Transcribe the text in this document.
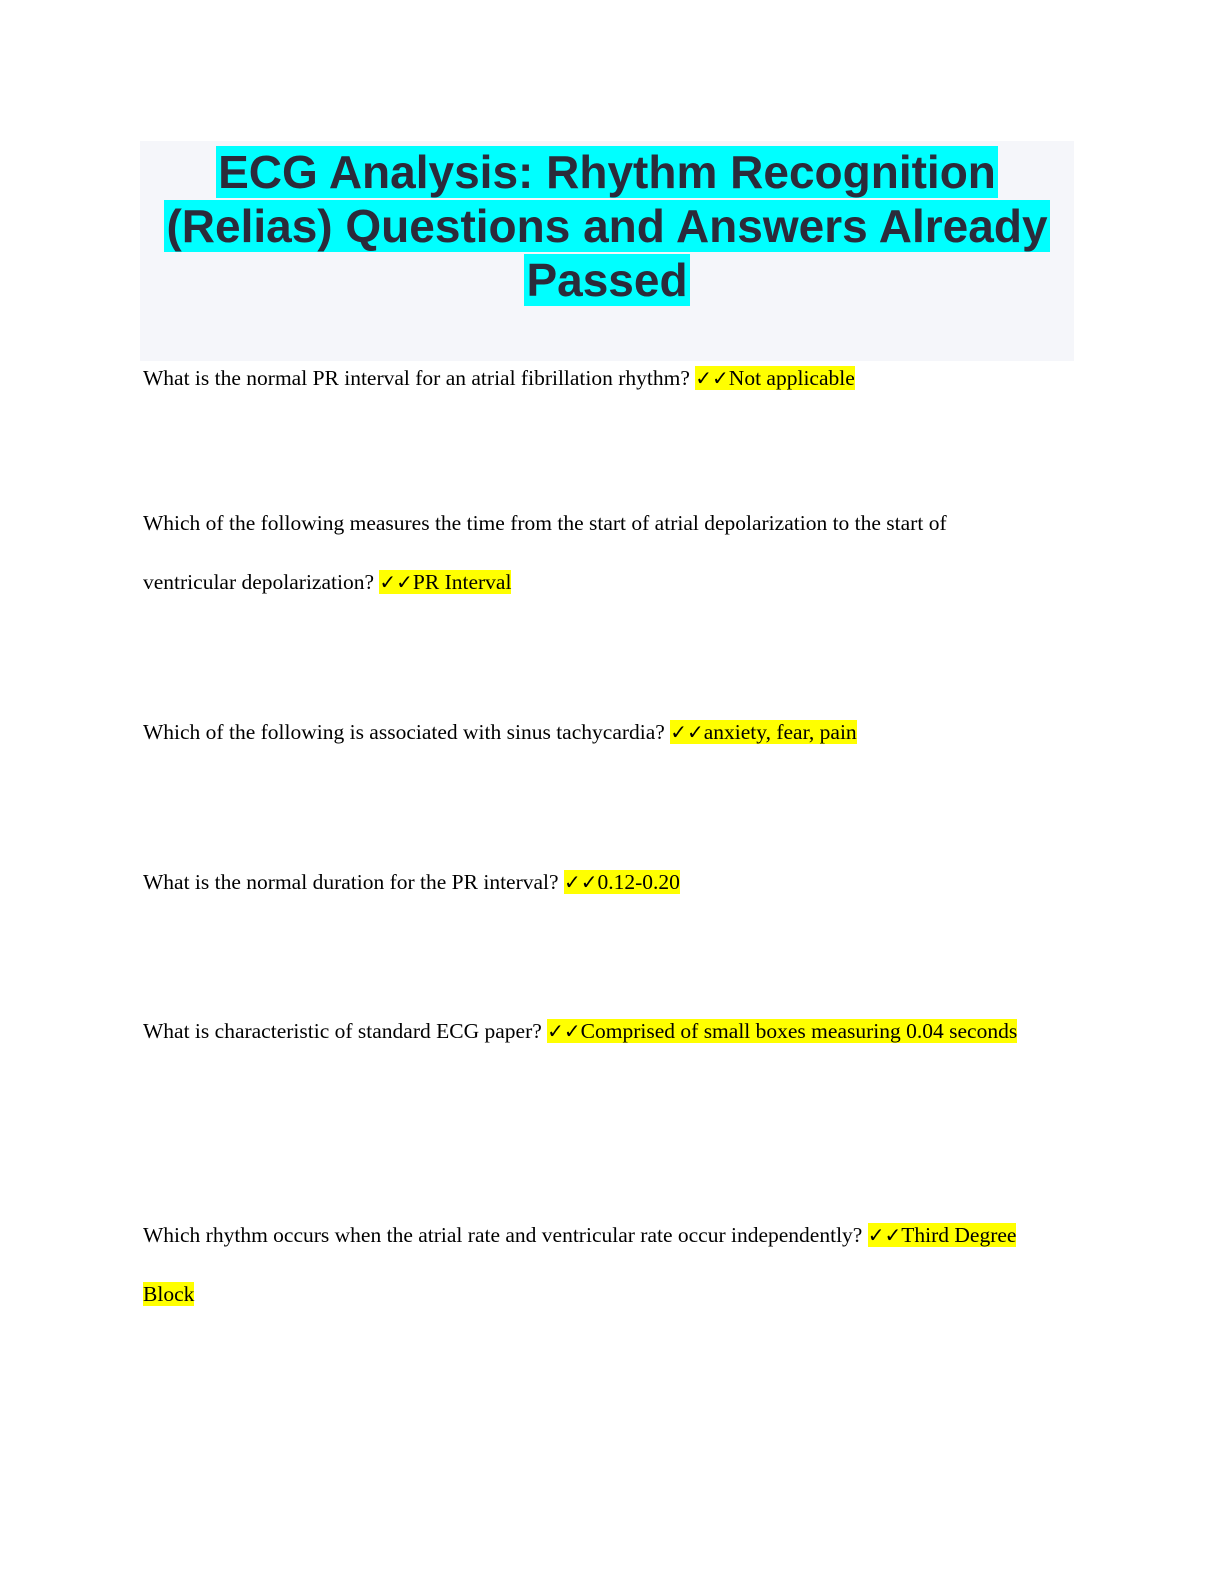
ECG Analysis: Rhythm Recognition
(Relias) Questions and Answers Already
Passed

What is the normal PR interval for an atrial fibrillation rhythm? ✓✓Not applicable

Which of the following measures the time from the start of atrial depolarization to the start of ventricular depolarization? ✓✓PR Interval

Which of the following is associated with sinus tachycardia? ✓✓anxiety, fear, pain

What is the normal duration for the PR interval? ✓✓0.12-0.20

What is characteristic of standard ECG paper? ✓✓Comprised of small boxes measuring 0.04 seconds

Which rhythm occurs when the atrial rate and ventricular rate occur independently? ✓✓Third Degree Block
